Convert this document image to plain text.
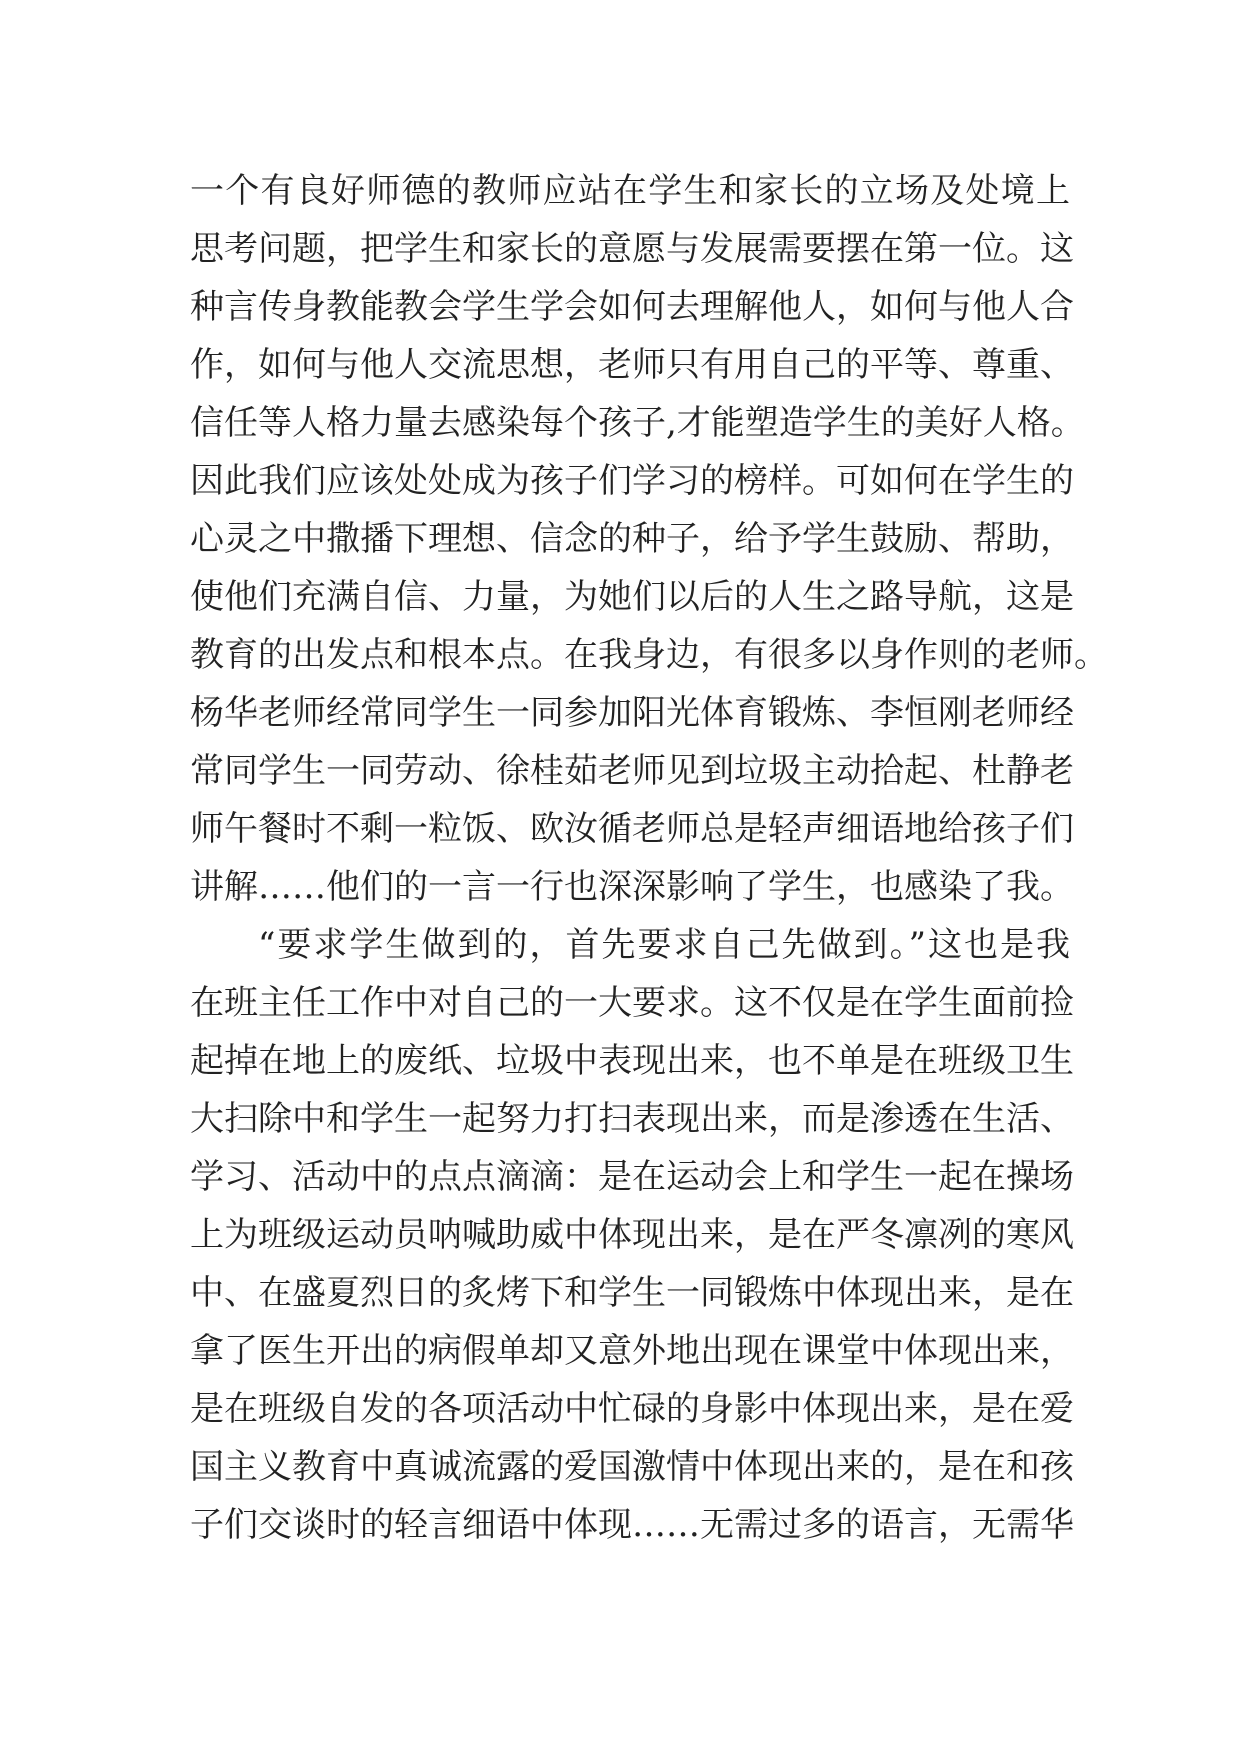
一个有良好师德的教师应站在学生和家长的立场及处境上
思考问题，把学生和家长的意愿与发展需要摆在第一位。这
种言传身教能教会学生学会如何去理解他人，如何与他人合
作，如何与他人交流思想，老师只有用自己的平等、尊重、
信任等人格力量去感染每个孩子,才能塑造学生的美好人格。
因此我们应该处处成为孩子们学习的榜样。可如何在学生的
心灵之中撒播下理想、信念的种子，给予学生鼓励、帮助，
使他们充满自信、力量，为她们以后的人生之路导航，这是
教育的出发点和根本点。在我身边，有很多以身作则的老师。
杨华老师经常同学生一同参加阳光体育锻炼、李恒刚老师经
常同学生一同劳动、徐桂茹老师见到垃圾主动拾起、杜静老
师午餐时不剩一粒饭、欧汝循老师总是轻声细语地给孩子们
讲解……他们的一言一行也深深影响了学生，也感染了我。
“要求学生做到的，首先要求自己先做到。”这也是我
在班主任工作中对自己的一大要求。这不仅是在学生面前捡
起掉在地上的废纸、垃圾中表现出来，也不单是在班级卫生
大扫除中和学生一起努力打扫表现出来，而是渗透在生活、
学习、活动中的点点滴滴：是在运动会上和学生一起在操场
上为班级运动员呐喊助威中体现出来，是在严冬凛冽的寒风
中、在盛夏烈日的炙烤下和学生一同锻炼中体现出来，是在
拿了医生开出的病假单却又意外地出现在课堂中体现出来，
是在班级自发的各项活动中忙碌的身影中体现出来，是在爱
国主义教育中真诚流露的爱国激情中体现出来的，是在和孩
子们交谈时的轻言细语中体现……无需过多的语言，无需华
